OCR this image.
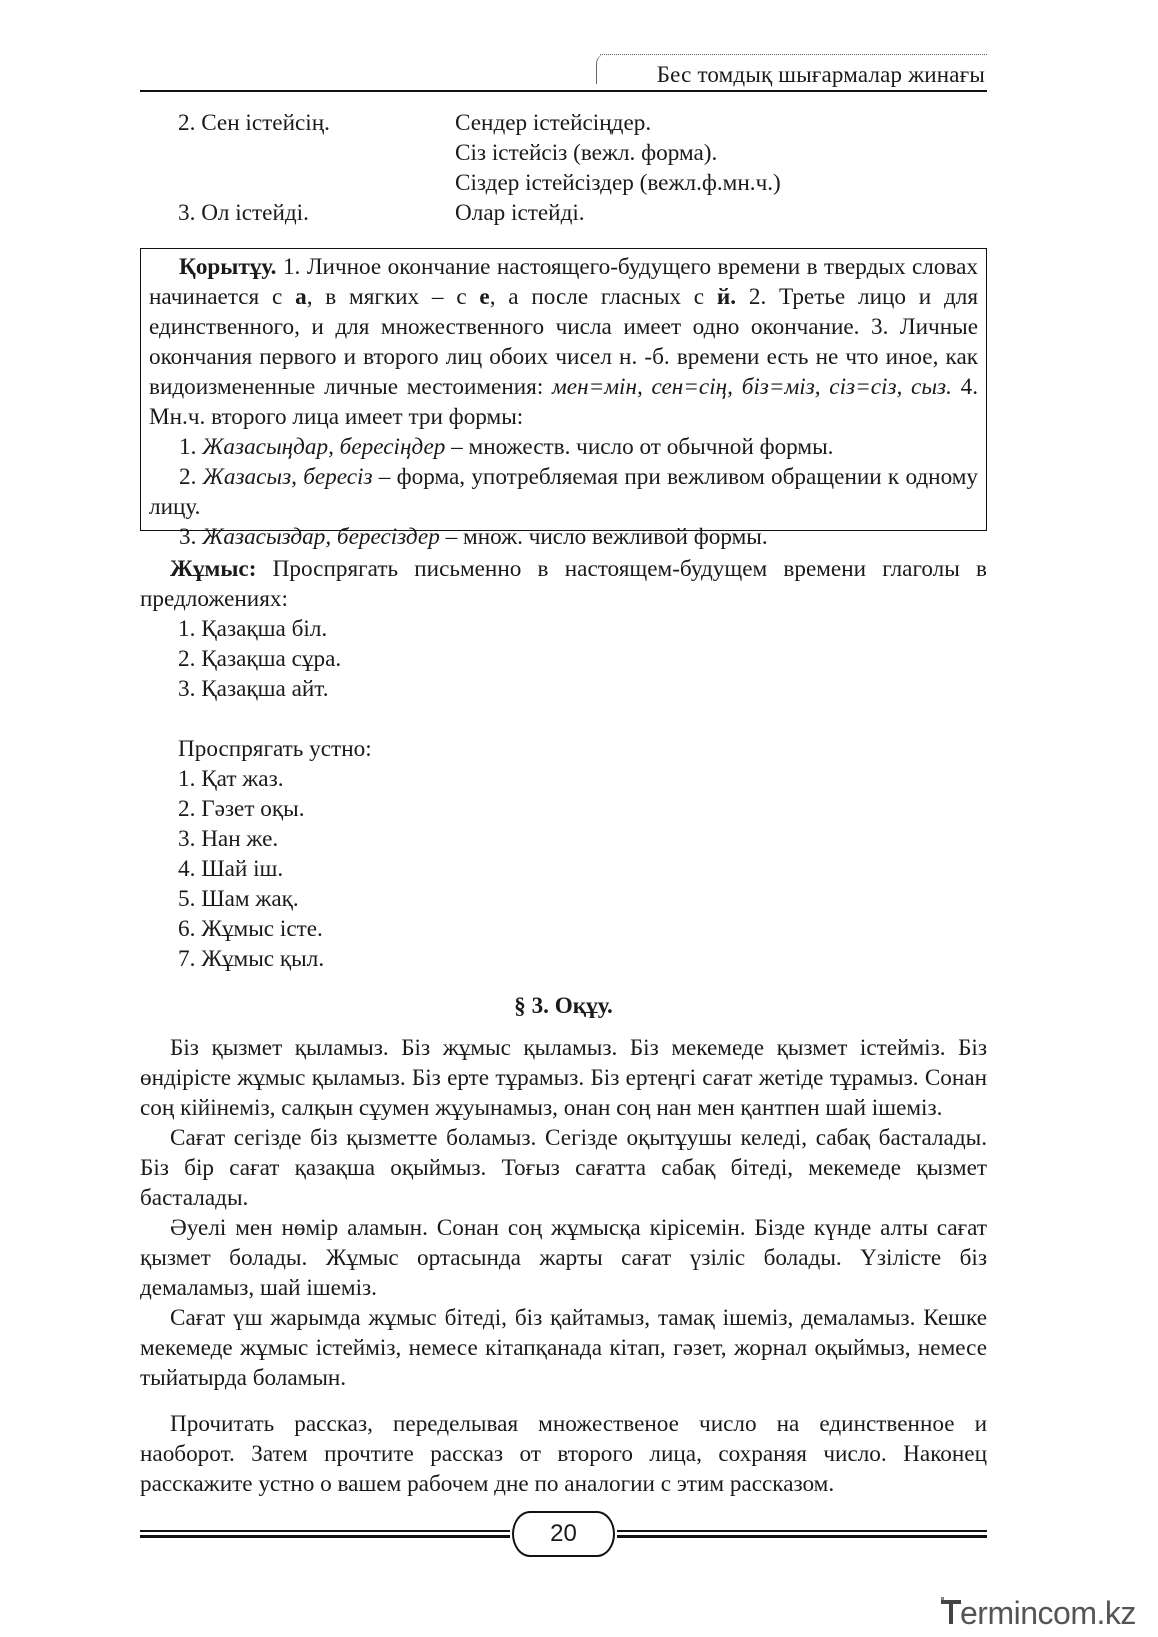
Бес томдық шығармалар жинағы
2. Сен істейсің.	Сендер істейсіңдер.
Сіз істейсіз (вежл. форма).
Сіздер істейсіздер (вежл.ф.мн.ч.)
3. Ол істейді.	Олар істейді.

Қорытұу. 1. Личное окончание настоящего-будущего времени в твердых словах начинается с а, в мягких – с е, а после гласных с й. 2. Третье лицо и для единственного, и для множественного числа имеет одно окончание. 3. Личные окончания первого и второго лиц обоих чисел н. -б. времени есть не что иное, как видоизмененные личные местоимения: мен=мін, сен=сің, біз=міз, сіз=сіз, сыз. 4. Мн.ч. второго лица имеет три формы:

1. Жазасыңдар, бересіңдер – множеств. число от обычной формы.

2. Жазасыз, бересіз – форма, употребляемая при вежливом обращении к одному лицу.

3. Жазасыздар, бересіздер – множ. число вежливой формы.

Жұмыс: Проспрягать письменно в настоящем-будущем времени глаголы в предложениях:

1. Қазақша біл.
2. Қазақша сұра.
3. Қазақша айт.
Проспрягать устно:
1. Қат жаз.
2. Гәзет оқы.
3. Нан же.
4. Шай іш.
5. Шам жақ.
6. Жұмыс істе.
7. Жұмыс қыл.
§ 3. Оқұу.

Біз қызмет қыламыз. Біз жұмыс қыламыз. Біз мекемеде қызмет істейміз. Біз өндірісте жұмыс қыламыз. Біз ерте тұрамыз. Біз ертеңгі сағат жетіде тұрамыз. Сонан соң кійінеміз, салқын сұумен жұуынамыз, онан соң нан мен қантпен шай ішеміз.

Сағат сегізде біз қызметте боламыз. Сегізде оқытұушы келеді, сабақ басталады. Біз бір сағат қазақша оқыймыз. Тоғыз сағатта сабақ бітеді, мекемеде қызмет басталады.

Әуелі мен нөмір аламын. Сонан соң жұмысқа кірісемін. Бізде күнде алты сағат қызмет болады. Жұмыс ортасында жарты сағат үзіліс болады. Үзілісте біз демаламыз, шай ішеміз.

Сағат үш жарымда жұмыс бітеді, біз қайтамыз, тамақ ішеміз, демаламыз. Кешке мекемеде жұмыс істейміз, немесе кітапқанада кітап, гәзет, жорнал оқыймыз, немесе тыйатырда боламын.

Прочитать рассказ, переделывая множественое число на единственное и наоборот. Затем прочтите рассказ от второго лица, сохраняя число. Наконец расскажите устно о вашем рабочем дне по аналогии с этим рассказом.

20
ermincom.kz
